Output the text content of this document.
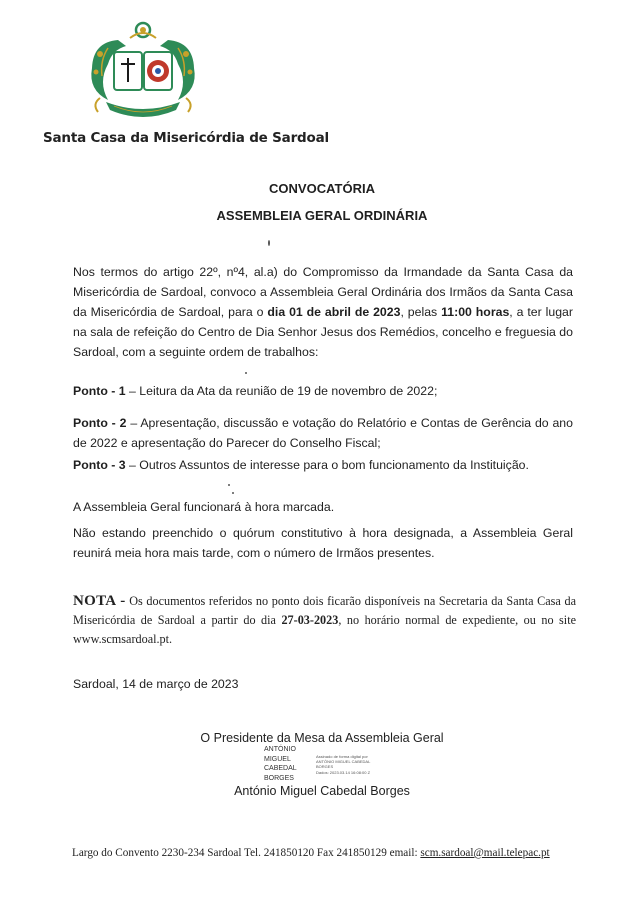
Santa Casa da Misericórdia de Sardoal
CONVOCATÓRIA
ASSEMBLEIA GERAL ORDINÁRIA
Nos termos do artigo 22º, nº4, al.a) do Compromisso da Irmandade da Santa Casa da Misericórdia de Sardoal, convoco a Assembleia Geral Ordinária dos Irmãos da Santa Casa da Misericórdia de Sardoal, para o dia 01 de abril de 2023, pelas 11:00 horas, a ter lugar na sala de refeição do Centro de Dia Senhor Jesus dos Remédios, concelho e freguesia do Sardoal, com a seguinte ordem de trabalhos:
Ponto - 1 – Leitura da Ata da reunião de 19 de novembro de 2022;
Ponto - 2 – Apresentação, discussão e votação do Relatório e Contas de Gerência do ano de 2022 e apresentação do Parecer do Conselho Fiscal;
Ponto - 3 – Outros Assuntos de interesse para o bom funcionamento da Instituição.
A Assembleia Geral funcionará à hora marcada.
Não estando preenchido o quórum constitutivo à hora designada, a Assembleia Geral reunirá meia hora mais tarde, com o número de Irmãos presentes.
NOTA - Os documentos referidos no ponto dois ficarão disponíveis na Secretaria da Santa Casa da Misericórdia de Sardoal a partir do dia 27-03-2023, no horário normal de expediente, ou no site www.scmsardoal.pt.
Sardoal, 14 de março de 2023
O Presidente da Mesa da Assembleia Geral
ANTÓNIO
MIGUEL
CABEDAL
BORGES
Assinado de forma digital por
ANTÓNIO MIGUEL CABEDAL
BORGES
Dados: 2023.03.14 16:08:00 Z
António Miguel Cabedal Borges
Largo do Convento 2230-234 Sardoal Tel. 241850120 Fax 241850129 email: scm.sardoal@mail.telepac.pt
